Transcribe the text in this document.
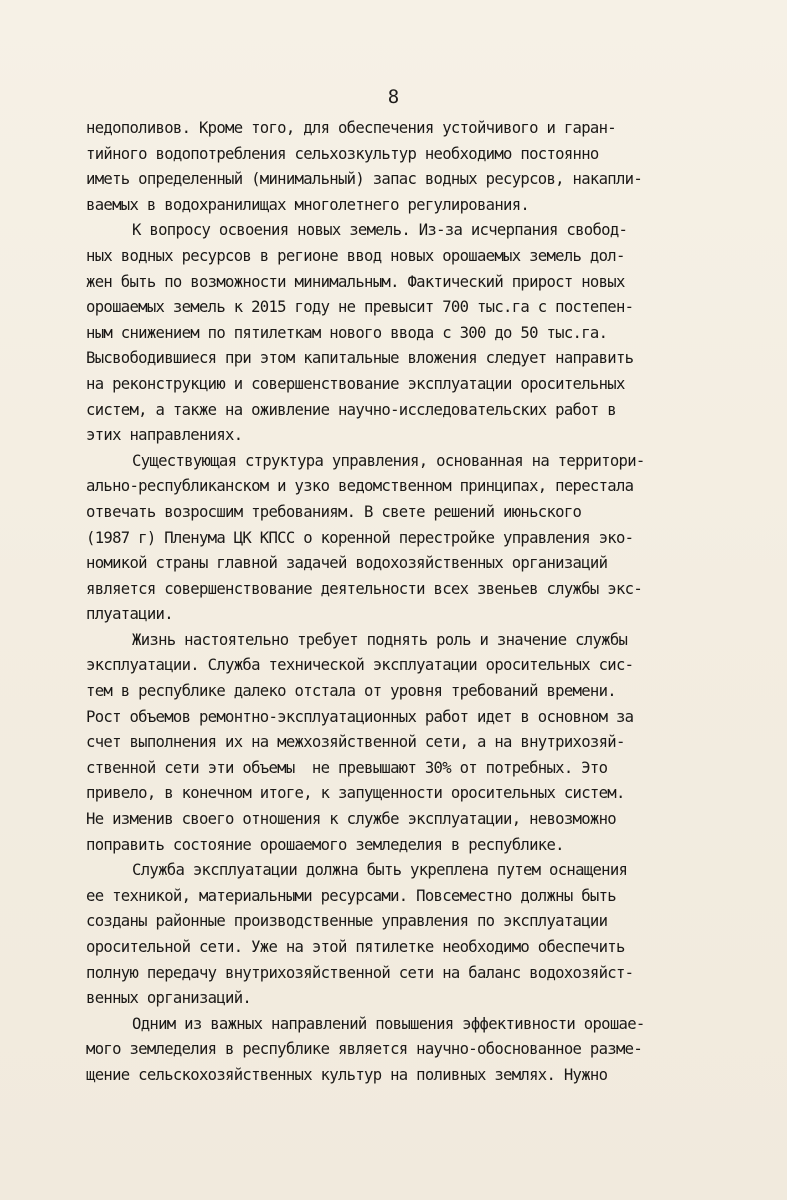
8
недополивов. Кроме того, для обеспечения устойчивого и гаран-
тийного водопотребления сельхозкультур необходимо постоянно
иметь определенный (минимальный) запас водных ресурсов, накапли-
ваемых в водохранилищах многолетнего регулирования.
К вопросу освоения новых земель. Из-за исчерпания свобод-
ных водных ресурсов в регионе ввод новых орошаемых земель дол-
жен быть по возможности минимальным. Фактический прирост новых
орошаемых земель к 2015 году не превысит 700 тыс.га с постепен-
ным снижением по пятилеткам нового ввода с 300 до 50 тыс.га.
Высвободившиеся при этом капитальные вложения следует направить
на реконструкцию и совершенствование эксплуатации оросительных
систем, а также на оживление научно-исследовательских работ в
этих направлениях.
Существующая структура управления, основанная на территори-
ально-республиканском и узко ведомственном принципах, перестала
отвечать возросшим требованиям. В свете решений июньского
(1987 г) Пленума ЦК КПСС о коренной перестройке управления эко-
номикой страны главной задачей водохозяйственных организаций
является совершенствование деятельности всех звеньев службы экс-
плуатации.
Жизнь настоятельно требует поднять роль и значение службы
эксплуатации. Служба технической эксплуатации оросительных сис-
тем в республике далеко отстала от уровня требований времени.
Рост объемов ремонтно-эксплуатационных работ идет в основном за
счет выполнения их на межхозяйственной сети, а на внутрихозяй-
ственной сети эти объемы  не превышают 30% от потребных. Это
привело, в конечном итоге, к запущенности оросительных систем.
Не изменив своего отношения к службе эксплуатации, невозможно
поправить состояние орошаемого земледелия в республике.
Служба эксплуатации должна быть укреплена путем оснащения
ее техникой, материальными ресурсами. Повсеместно должны быть
созданы районные производственные управления по эксплуатации
оросительной сети. Уже на этой пятилетке необходимо обеспечить
полную передачу внутрихозяйственной сети на баланс водохозяйст-
венных организаций.
Одним из важных направлений повышения эффективности орошае-
мого земледелия в республике является научно-обоснованное разме-
щение сельскохозяйственных культур на поливных землях. Нужно
